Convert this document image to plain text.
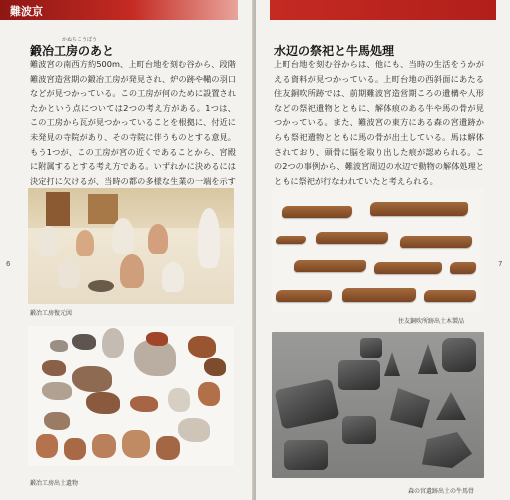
難波京
かぬちこうぼう
鍛冶工房のあと
難波宮の南西方約500m、上町台地を刻む谷から、段階難波宮造営期の鍛冶工房が発見され、炉の跡や鞴の羽口などが見つかっている。この工房が何のために設置されたかという点については2つの考え方がある。1つは、この工房から瓦が見つかっていることを根拠に、付近に未発見の寺院があり、その寺院に伴うものとする意見。もう1つが、この工房が宮の近くであることから、宮殿に附属するとする考え方である。いずれかに決めるには決定打に欠けるが、当時の都の多様な生業の一端を示す
6
鍛冶工房復元図
鍛冶工房出土遺物
水辺の祭祀と牛馬処理
上町台地を刻む谷からは、他にも、当時の生活をうかがえる資料が見つかっている。上町台地の西斜面にあたる住友銅吹所跡では、前期難波宮造営期ころの遺構や人形などの祭祀遺物とともに、解体痕のある牛や馬の骨が見つかっている。また、難波宮の東方にある森の宮遺跡からも祭祀遺物とともに馬の骨が出土している。馬は解体されており、頭骨に脳を取り出した痕が認められる。この2つの事例から、難波宮周辺の水辺で動物の解体処理とともに祭祀が行なわれていたと考えられる。
7
住友銅吹所跡出土木製品
森の宮遺跡出土の牛馬骨
